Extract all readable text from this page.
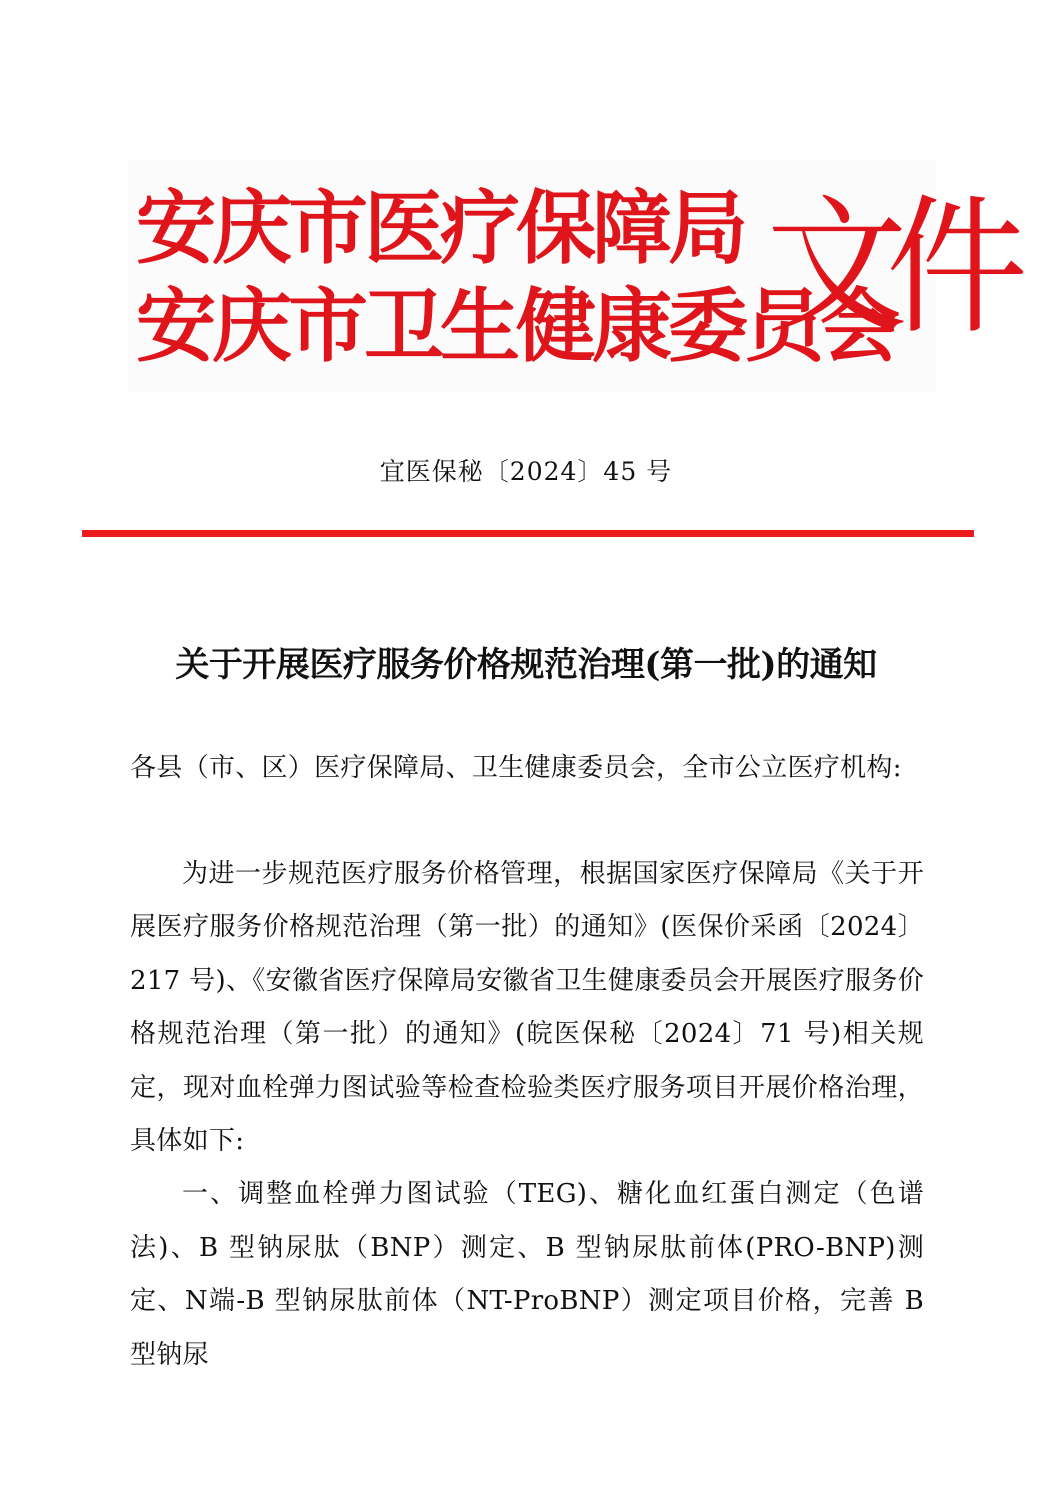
安庆市医疗保障局
安庆市卫生健康委员会
文件
宜医保秘〔2024〕45 号
关于开展医疗服务价格规范治理(第一批)的通知
各县（市、区）医疗保障局、卫生健康委员会，全市公立医疗机构:

为进一步规范医疗服务价格管理，根据国家医疗保障局《关于开展医疗服务价格规范治理（第一批）的通知》(医保价采函〔2024〕217 号)、《安徽省医疗保障局安徽省卫生健康委员会开展医疗服务价格规范治理（第一批）的通知》(皖医保秘〔2024〕71 号)相关规定，现对血栓弹力图试验等检查检验类医疗服务项目开展价格治理，具体如下:

一、调整血栓弹力图试验（TEG)、糖化血红蛋白测定（色谱法)、B 型钠尿肽（BNP）测定、B 型钠尿肽前体(PRO-BNP)测定、N端-B 型钠尿肽前体（NT-ProBNP）测定项目价格，完善 B 型钠尿
